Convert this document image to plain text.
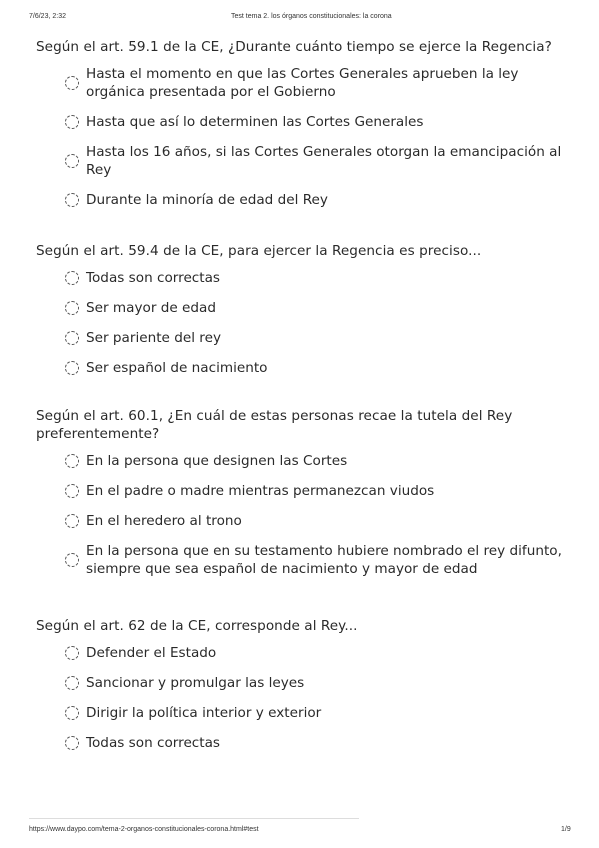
7/6/23, 2:32	Test tema 2. los órganos constitucionales: la corona
Según el art. 59.1 de la CE, ¿Durante cuánto tiempo se ejerce la Regencia?
Hasta el momento en que las Cortes Generales aprueben la ley orgánica presentada por el Gobierno
Hasta que así lo determinen las Cortes Generales
Hasta los 16 años, si las Cortes Generales otorgan la emancipación al Rey
Durante la minoría de edad del Rey
Según el art. 59.4 de la CE, para ejercer la Regencia es preciso...
Todas son correctas
Ser mayor de edad
Ser pariente del rey
Ser español de nacimiento
Según el art. 60.1, ¿En cuál de estas personas recae la tutela del Rey preferentemente?
En la persona que designen las Cortes
En el padre o madre mientras permanezcan viudos
En el heredero al trono
En la persona que en su testamento hubiere nombrado el rey difunto, siempre que sea español de nacimiento y mayor de edad
Según el art. 62 de la CE, corresponde al Rey...
Defender el Estado
Sancionar y promulgar las leyes
Dirigir la política interior y exterior
Todas son correctas
https://www.daypo.com/tema-2-organos-constitucionales-corona.html#test	1/9
